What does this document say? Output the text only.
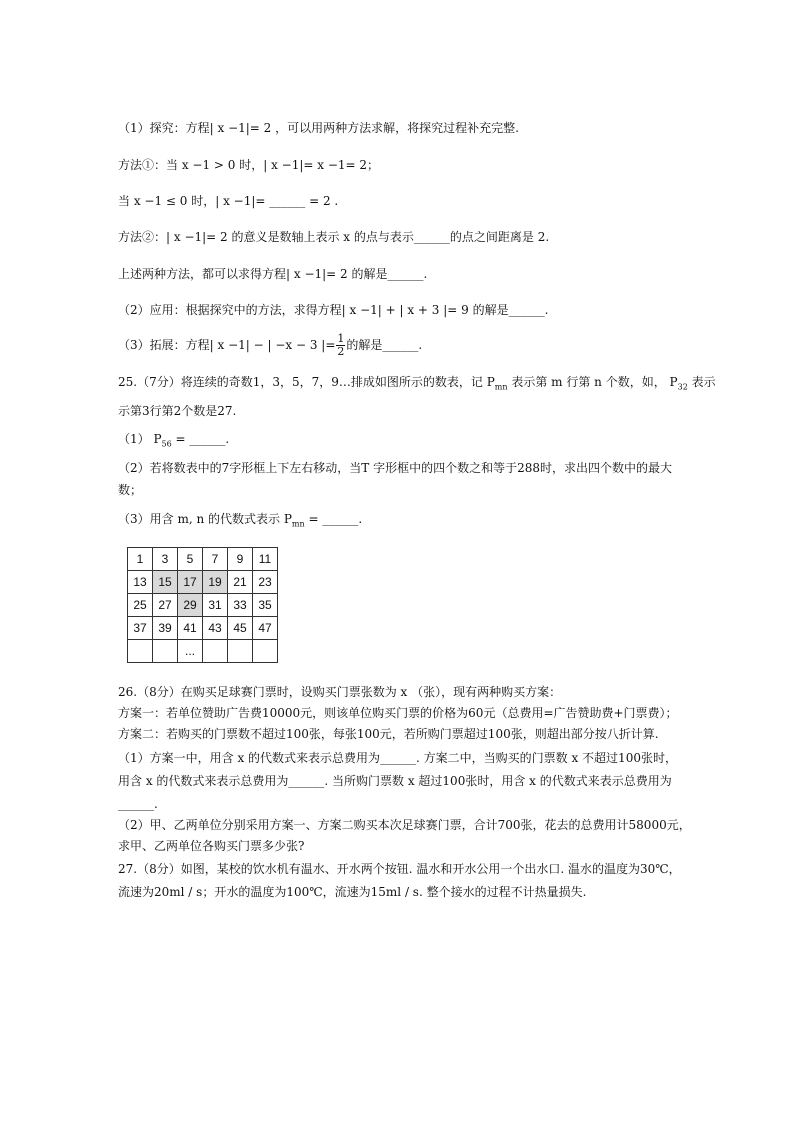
（1）探究：方程| x −1|= 2 ，可以用两种方法求解，将探究过程补充完整.
方法①：当 x −1 > 0 时，| x −1|= x −1= 2；
当 x −1 ≤ 0 时，| x −1|= ______ = 2 .
方法②：| x −1|= 2 的意义是数轴上表示 x 的点与表示______的点之间距离是 2.
上述两种方法，都可以求得方程| x −1|= 2 的解是______.
（2）应用：根据探究中的方法，求得方程| x −1| + | x + 3 |= 9 的解是______.
（3）拓展：方程| x −1| − | −x − 3 |= $\frac{1}{2}$ 的解是______.
25.（7分）将连续的奇数1，3，5，7，9…排成如图所示的数表，记 $P_{mn}$ 表示第 m 行第 n 个数，如， $P_{32}$ 表示
示第3行第2个数是27.
（1） $P_{56}$ = ______.
（2）若将数表中的7字形框上下左右移动，当T 字形框中的四个数之和等于288时，求出四个数中的最大
数；
（3）用含 m, n 的代数式表示 $P_{mn}$ = ______.
1	3	5	7	9	11
13	15	17	19	21	23
25	27	29	31	33	35
37	39	41	43	45	47
		...			
26.（8分）在购买足球赛门票时，设购买门票张数为 x （张），现有两种购买方案：
方案一：若单位赞助广告费10000元，则该单位购买门票的价格为60元（总费用=广告赞助费+门票费）；
方案二：若购买的门票数不超过100张，每张100元，若所购门票超过100张，则超出部分按八折计算.
（1）方案一中，用含 x 的代数式来表示总费用为______. 方案二中，当购买的门票数 x 不超过100张时，
用含 x 的代数式来表示总费用为______. 当所购门票数 x 超过100张时，用含 x 的代数式来表示总费用为
______.
（2）甲、乙两单位分别采用方案一、方案二购买本次足球赛门票，合计700张，花去的总费用计58000元，
求甲、乙两单位各购买门票多少张?
27.（8分）如图，某校的饮水机有温水、开水两个按钮. 温水和开水公用一个出水口. 温水的温度为30℃，
流速为20ml / s；开水的温度为100℃，流速为15ml / s. 整个接水的过程不计热量损失.
